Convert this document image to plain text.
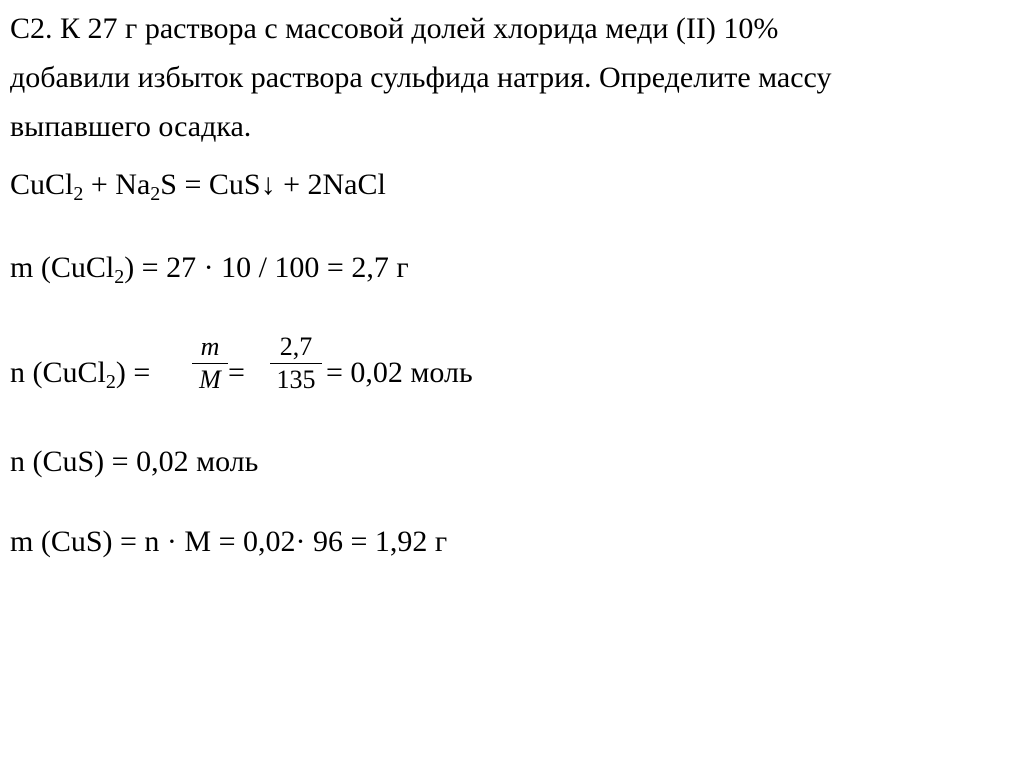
С2. К 27 г раствора с массовой долей хлорида меди (II) 10%
добавили избыток раствора сульфида натрия. Определите массу
выпавшего осадка.
CuCl$_2$ + $Na_2S$ = CuS↓ + 2NaCl
m (CuCl$_2$) = 27 · 10 / 100 = 2,7 г
n (CuCl$_2$) =
m
M =
2,7
135 = 0,02 моль
n (CuS) = 0,02 моль
m (CuS) = n · M = 0,02· 96 = 1,92 г
